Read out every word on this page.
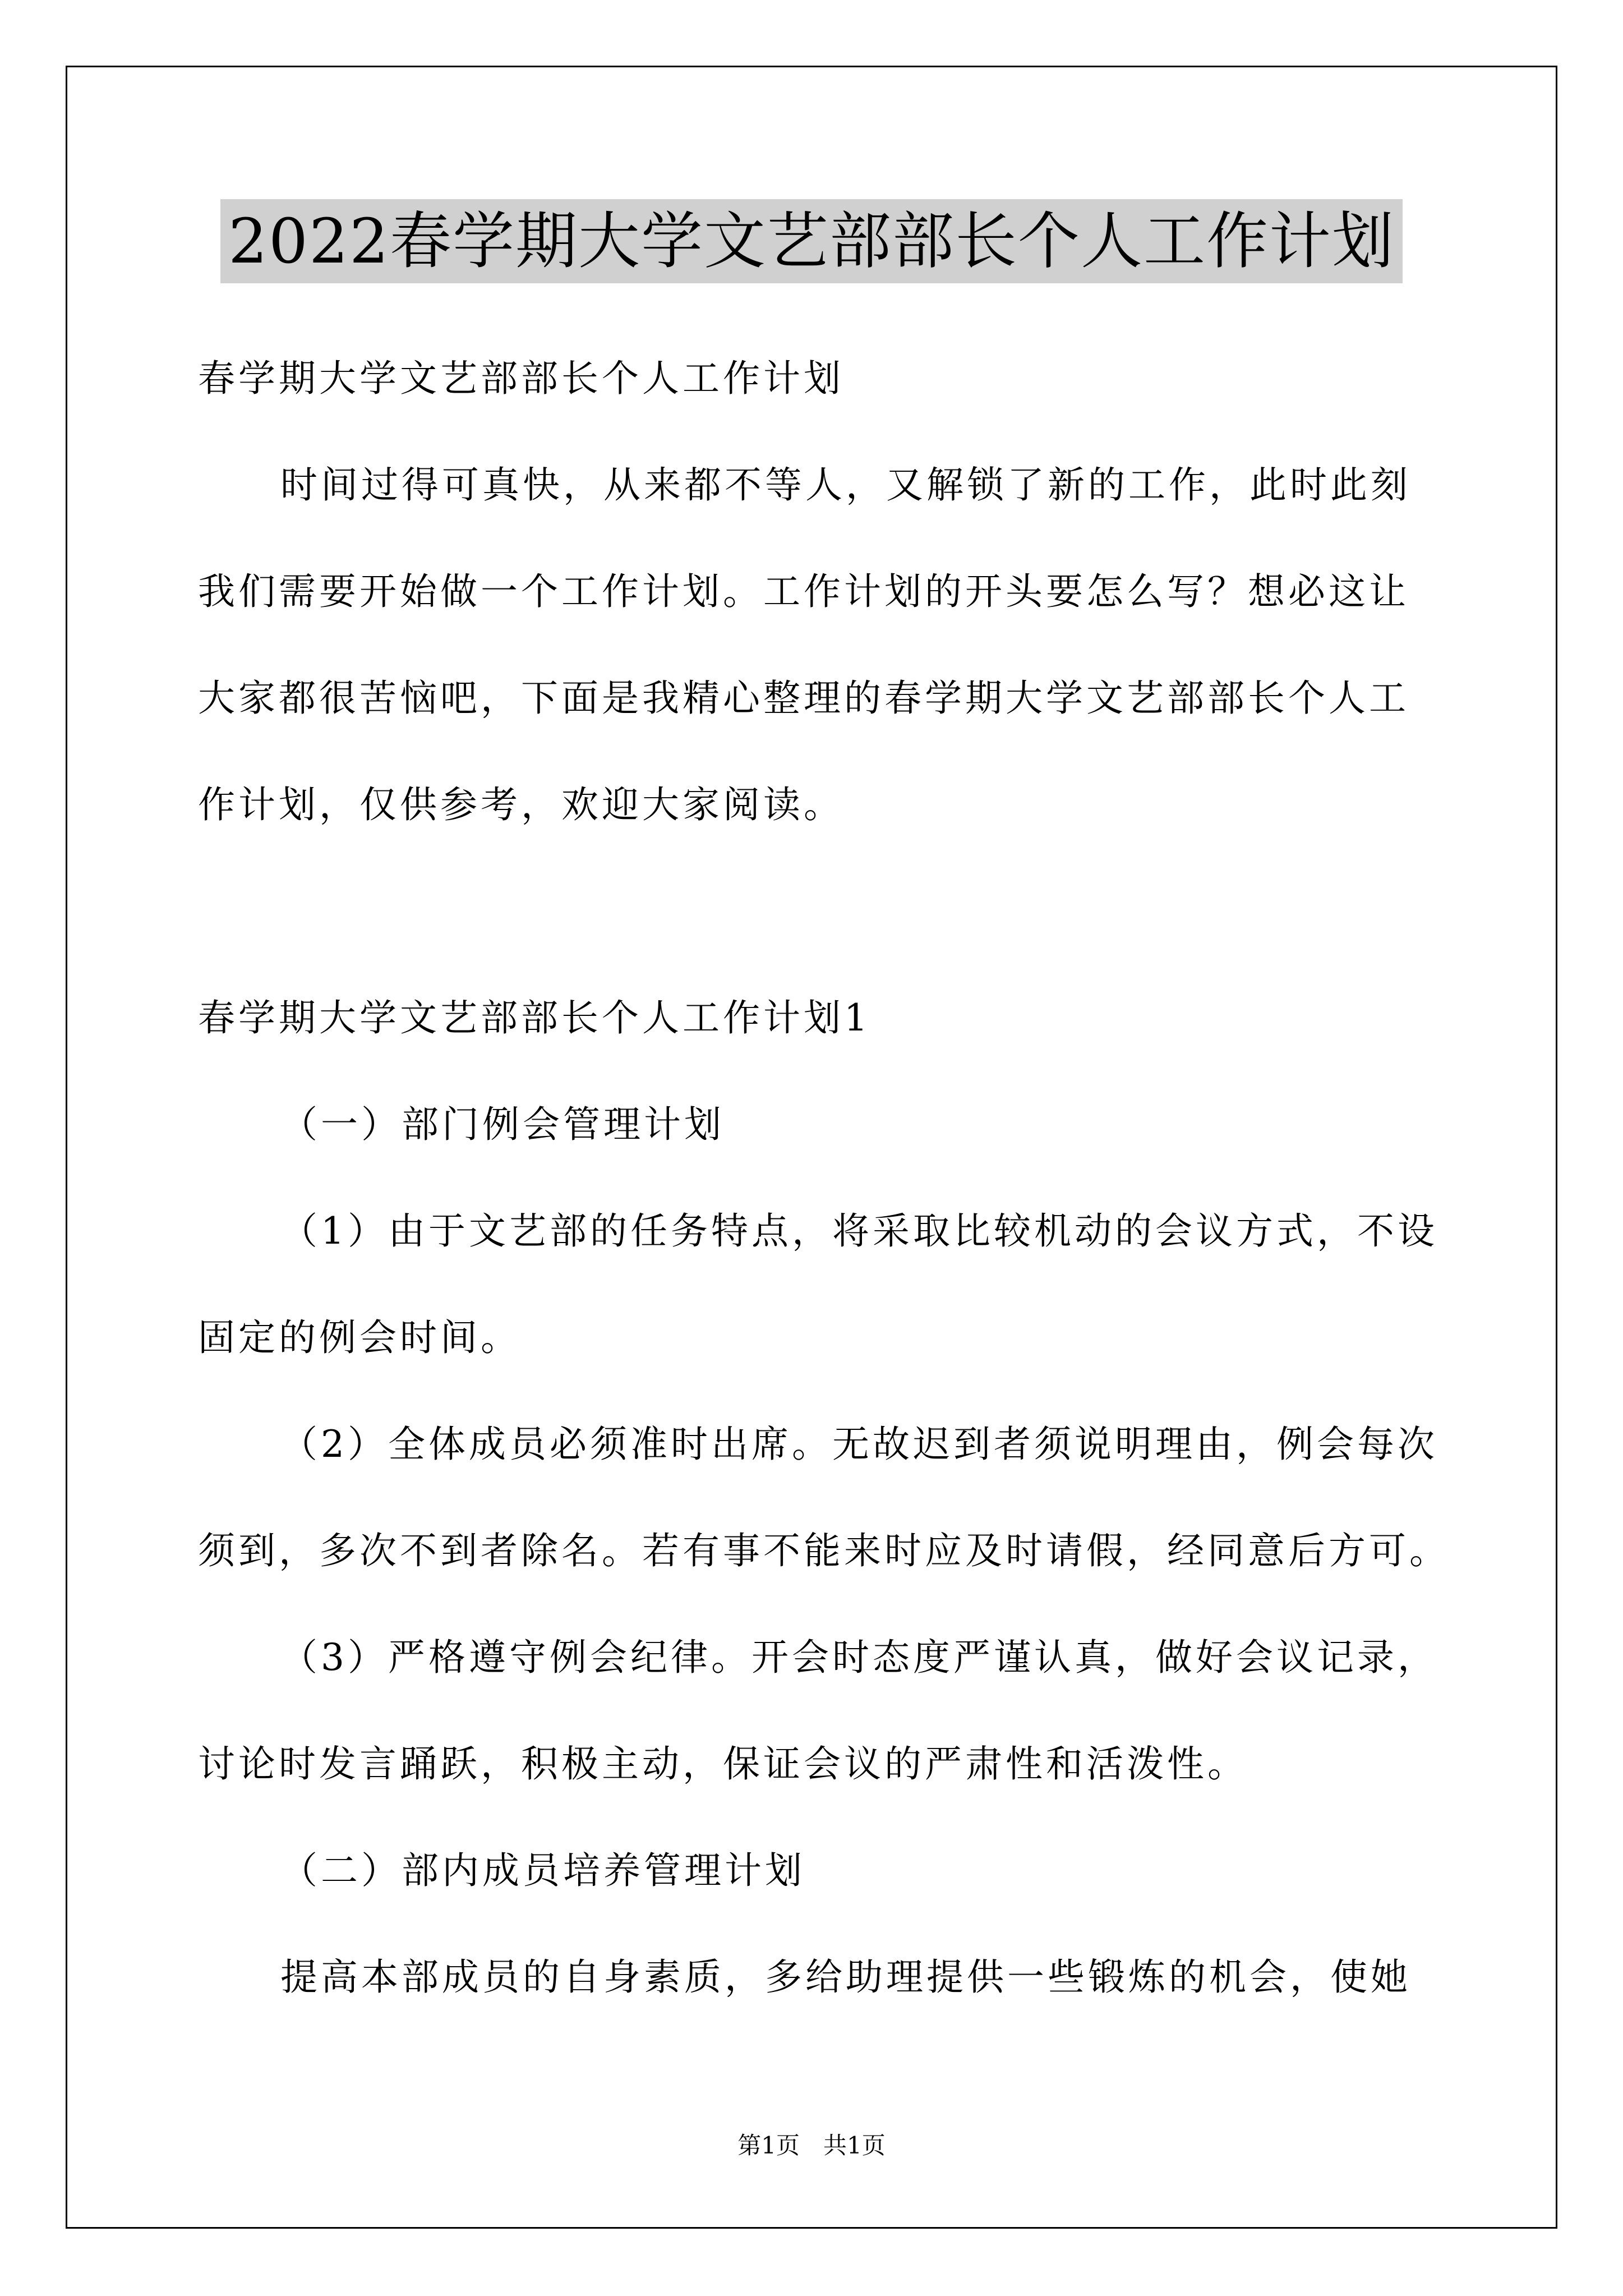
2022春学期大学文艺部部长个人工作计划
春学期大学文艺部部长个人工作计划
时间过得可真快，从来都不等人，又解锁了新的工作，此时此刻
我们需要开始做一个工作计划。工作计划的开头要怎么写？想必这让
大家都很苦恼吧，下面是我精心整理的春学期大学文艺部部长个人工
作计划，仅供参考，欢迎大家阅读。
春学期大学文艺部部长个人工作计划1
（一）部门例会管理计划
（1）由于文艺部的任务特点，将采取比较机动的会议方式，不设
固定的例会时间。
（2）全体成员必须准时出席。无故迟到者须说明理由，例会每次
须到，多次不到者除名。若有事不能来时应及时请假，经同意后方可。
（3）严格遵守例会纪律。开会时态度严谨认真，做好会议记录，
讨论时发言踊跃，积极主动，保证会议的严肃性和活泼性。
（二）部内成员培养管理计划
提高本部成员的自身素质，多给助理提供一些锻炼的机会，使她
第1页　共1页
